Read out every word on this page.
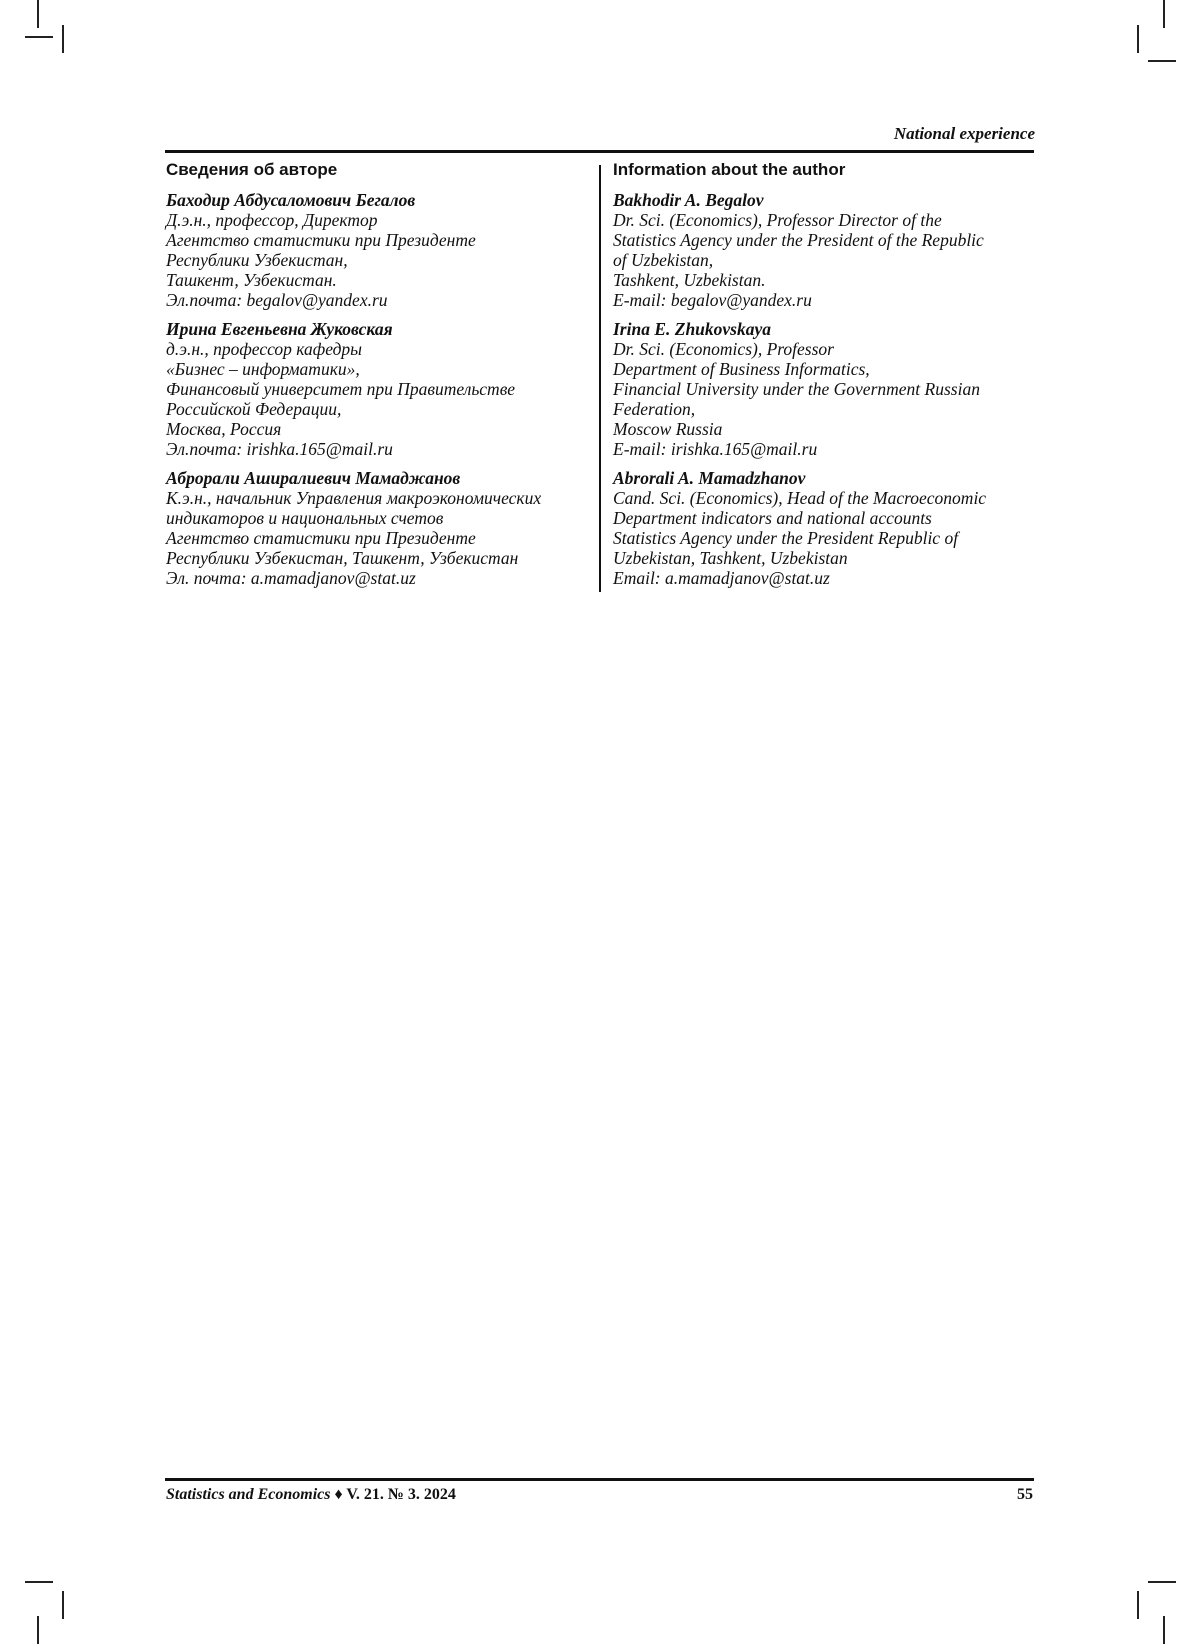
National experience
Сведения об авторе

Баходир Абдусаломович Бегалов

Д.э.н., профессор, Директор

Агентство статистики при Президенте

Республики Узбекистан,

Ташкент, Узбекистан.

Эл.почта: begalov@yandex.ru

Ирина Евгеньевна Жуковская

д.э.н., профессор кафедры

«Бизнес – информатики»,

Финансовый университет при Правительстве

Российской Федерации,

Москва, Россия

Эл.почта: irishka.165@mail.ru

Аброрали Аширалиевич Мамаджанов

К.э.н., начальник Управления макроэкономических

индикаторов и национальных счетов

Агентство статистики при Президенте

Республики Узбекистан, Ташкент, Узбекистан

Эл. почта: a.mamadjanov@stat.uz

Information about the author

Bakhodir A. Begalov

Dr. Sci. (Economics), Professor Director of the

Statistics Agency under the President of the Republic

of Uzbekistan,

Tashkent, Uzbekistan.

E-mail: begalov@yandex.ru

Irina E. Zhukovskaya

Dr. Sci. (Economics), Professor

Department of Business Informatics,

Financial University under the Government Russian

Federation,

Moscow Russia

E-mail: irishka.165@mail.ru

Abrorali A. Mamadzhanov

Cand. Sci. (Economics), Head of the Macroeconomic

Department indicators and national accounts

Statistics Agency under the President Republic of

Uzbekistan, Tashkent, Uzbekistan

Email: a.mamadjanov@stat.uz

Statistics and Economics ♦ V. 21. № 3. 2024	55
